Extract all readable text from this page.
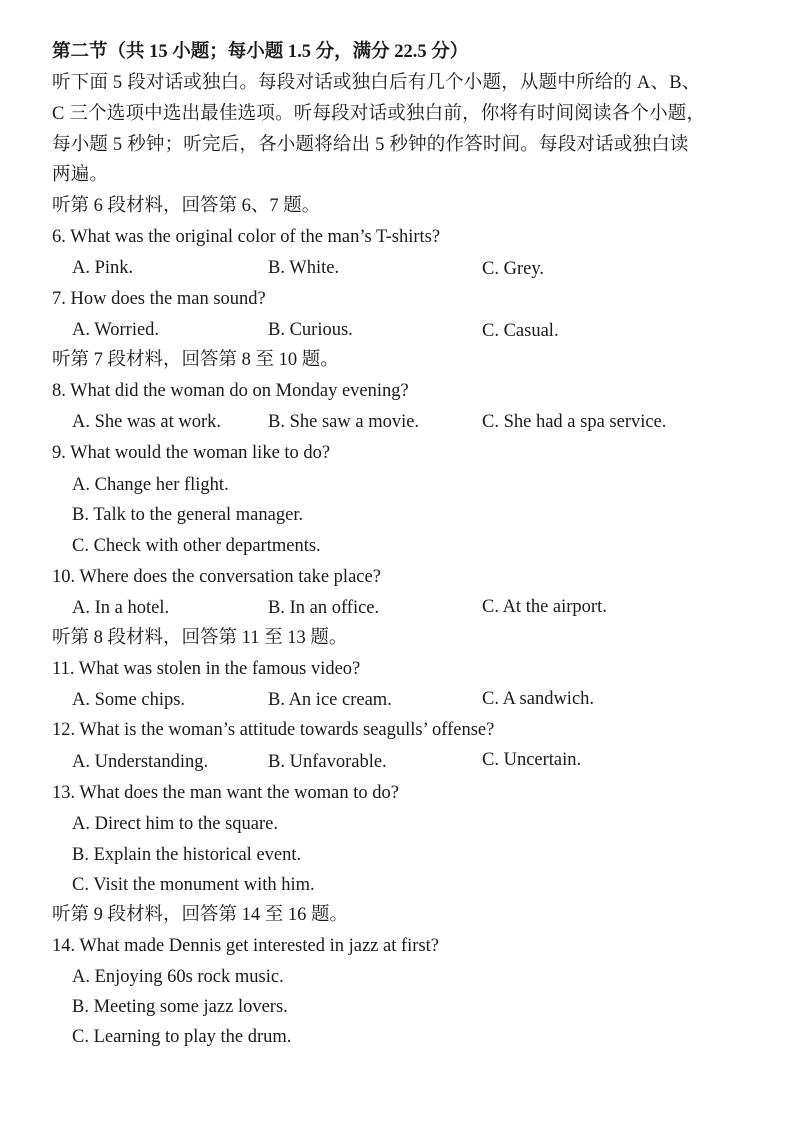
第二节（共 15 小题；每小题 1.5 分，满分 22.5 分）
听下面 5 段对话或独白。每段对话或独白后有几个小题，从题中所给的 A、B、
C 三个选项中选出最佳选项。听每段对话或独白前，你将有时间阅读各个小题，
每小题 5 秒钟；听完后，各小题将给出 5 秒钟的作答时间。每段对话或独白读
两遍。
听第 6 段材料，回答第 6、7 题。
6. What was the original color of the man’s T-shirts?
A. Pink.	B. White.	C. Grey.
7. How does the man sound?
A. Worried.	B. Curious.	C. Casual.
听第 7 段材料，回答第 8 至 10 题。
8. What did the woman do on Monday evening?
A. She was at work.	B. She saw a movie.	C. She had a spa service.
9. What would the woman like to do?
A. Change her flight.
B. Talk to the general manager.
C. Check with other departments.
10. Where does the conversation take place?
A. In a hotel.	B. In an office.	C. At the airport.
听第 8 段材料，回答第 11 至 13 题。
11. What was stolen in the famous video?
A. Some chips.	B. An ice cream.	C. A sandwich.
12. What is the woman’s attitude towards seagulls’ offense?
A. Understanding.	B. Unfavorable.	C. Uncertain.
13. What does the man want the woman to do?
A. Direct him to the square.
B. Explain the historical event.
C. Visit the monument with him.
听第 9 段材料，回答第 14 至 16 题。
14. What made Dennis get interested in jazz at first?
A. Enjoying 60s rock music.
B. Meeting some jazz lovers.
C. Learning to play the drum.
